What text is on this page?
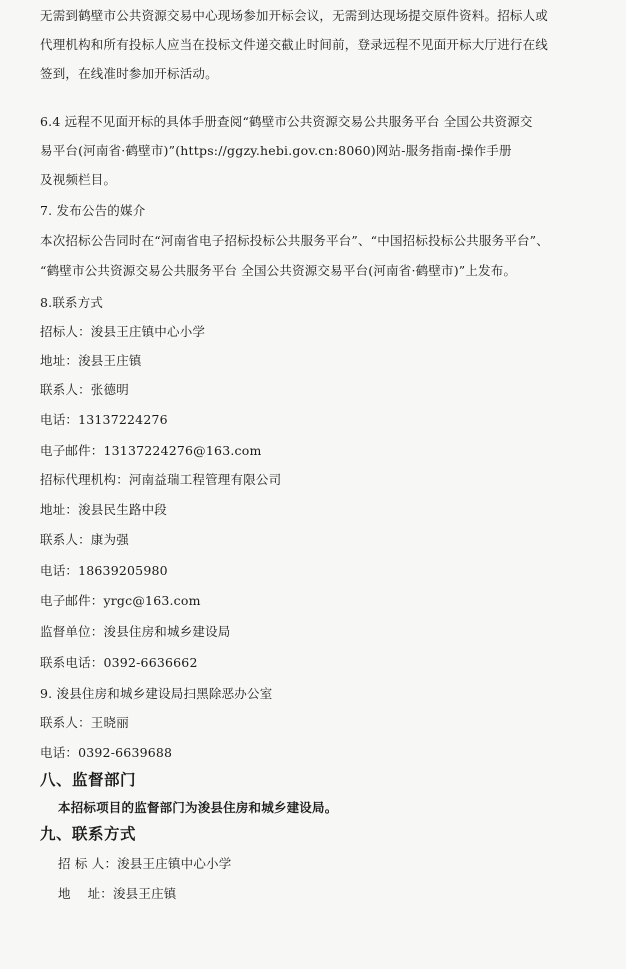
无需到鹤壁市公共资源交易中心现场参加开标会议，无需到达现场提交原件资料。招标人或
代理机构和所有投标人应当在投标文件递交截止时间前，登录远程不见面开标大厅进行在线
签到，在线准时参加开标活动。
6.4 远程不见面开标的具体手册查阅“鹤壁市公共资源交易公共服务平台 全国公共资源交
易平台(河南省·鹤壁市)”(https://ggzy.hebi.gov.cn:8060)网站-服务指南-操作手册
及视频栏目。
7. 发布公告的媒介
本次招标公告同时在“河南省电子招标投标公共服务平台”、“中国招标投标公共服务平台”、
“鹤壁市公共资源交易公共服务平台 全国公共资源交易平台(河南省·鹤壁市)”上发布。
8.联系方式
招标人：浚县王庄镇中心小学
地址：浚县王庄镇
联系人：张德明
电话：13137224276
电子邮件：13137224276@163.com
招标代理机构：河南益瑞工程管理有限公司
地址：浚县民生路中段
联系人：康为强
电话：18639205980
电子邮件：yrgc@163.com
监督单位：浚县住房和城乡建设局
联系电话：0392-6636662
9. 浚县住房和城乡建设局扫黑除恶办公室
联系人：王晓丽
电话：0392-6639688
八、监督部门
本招标项目的监督部门为浚县住房和城乡建设局。
九、联系方式
招 标 人：浚县王庄镇中心小学
地　 址：浚县王庄镇
